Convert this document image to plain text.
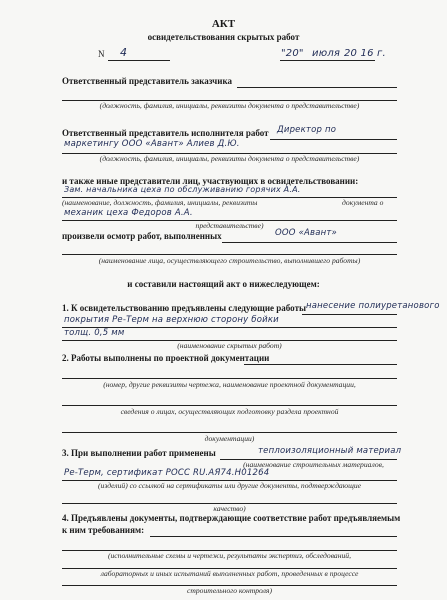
АКТ
освидетельствования скрытых работ
N 4	"20" июля 20 16 г.
Ответственный представитель заказчика
(должность, фамилия, инициалы, реквизиты документа о представительстве)
Ответственный представитель исполнителя работ Директор по
маркетингу ООО «Авант» Алиев Д.Ю.
(должность, фамилия, инициалы, реквизиты документа о представительстве)
и также иные представители лиц, участвующих в освидетельствовании:
Зам. начальника цеха по обслуживанию горячих А.А.
(наименование, должность, фамилия, инициалы, реквизиты	документа о
механик цеха Федоров А.А.
представительстве)
произвели осмотр работ, выполненных	ООО «Авант»
(наименование лица, осуществляющего строительство, выполнившего работы)
и составили настоящий акт о нижеследующем:
1. К освидетельствованию предъявлены следующие работы нанесение полиуретанового
покрытия Ре-Терм на верхнюю сторону бойки
толщ. 0,5 мм
(наименование скрытых работ)
2. Работы выполнены по проектной документации
(номер, другие реквизиты чертежа, наименование проектной документации,
сведения о лицах, осуществляющих подготовку раздела проектной
документации)
3. При выполнении работ применены	теплоизоляционный материал
(наименование строительных материалов,
Ре-Терм, сертификат РОСС RU.АЯ74.Н01264
(изделий) со ссылкой на сертификаты или другие документы, подтверждающие
качество)
4. Предъявлены документы, подтверждающие соответствие работ предъявляемым
к ним требованиям:
(исполнительные схемы и чертежи, результаты экспертиз, обследований,
лабораторных и иных испытаний выполненных работ, проведенных в процессе
строительного контроля)
